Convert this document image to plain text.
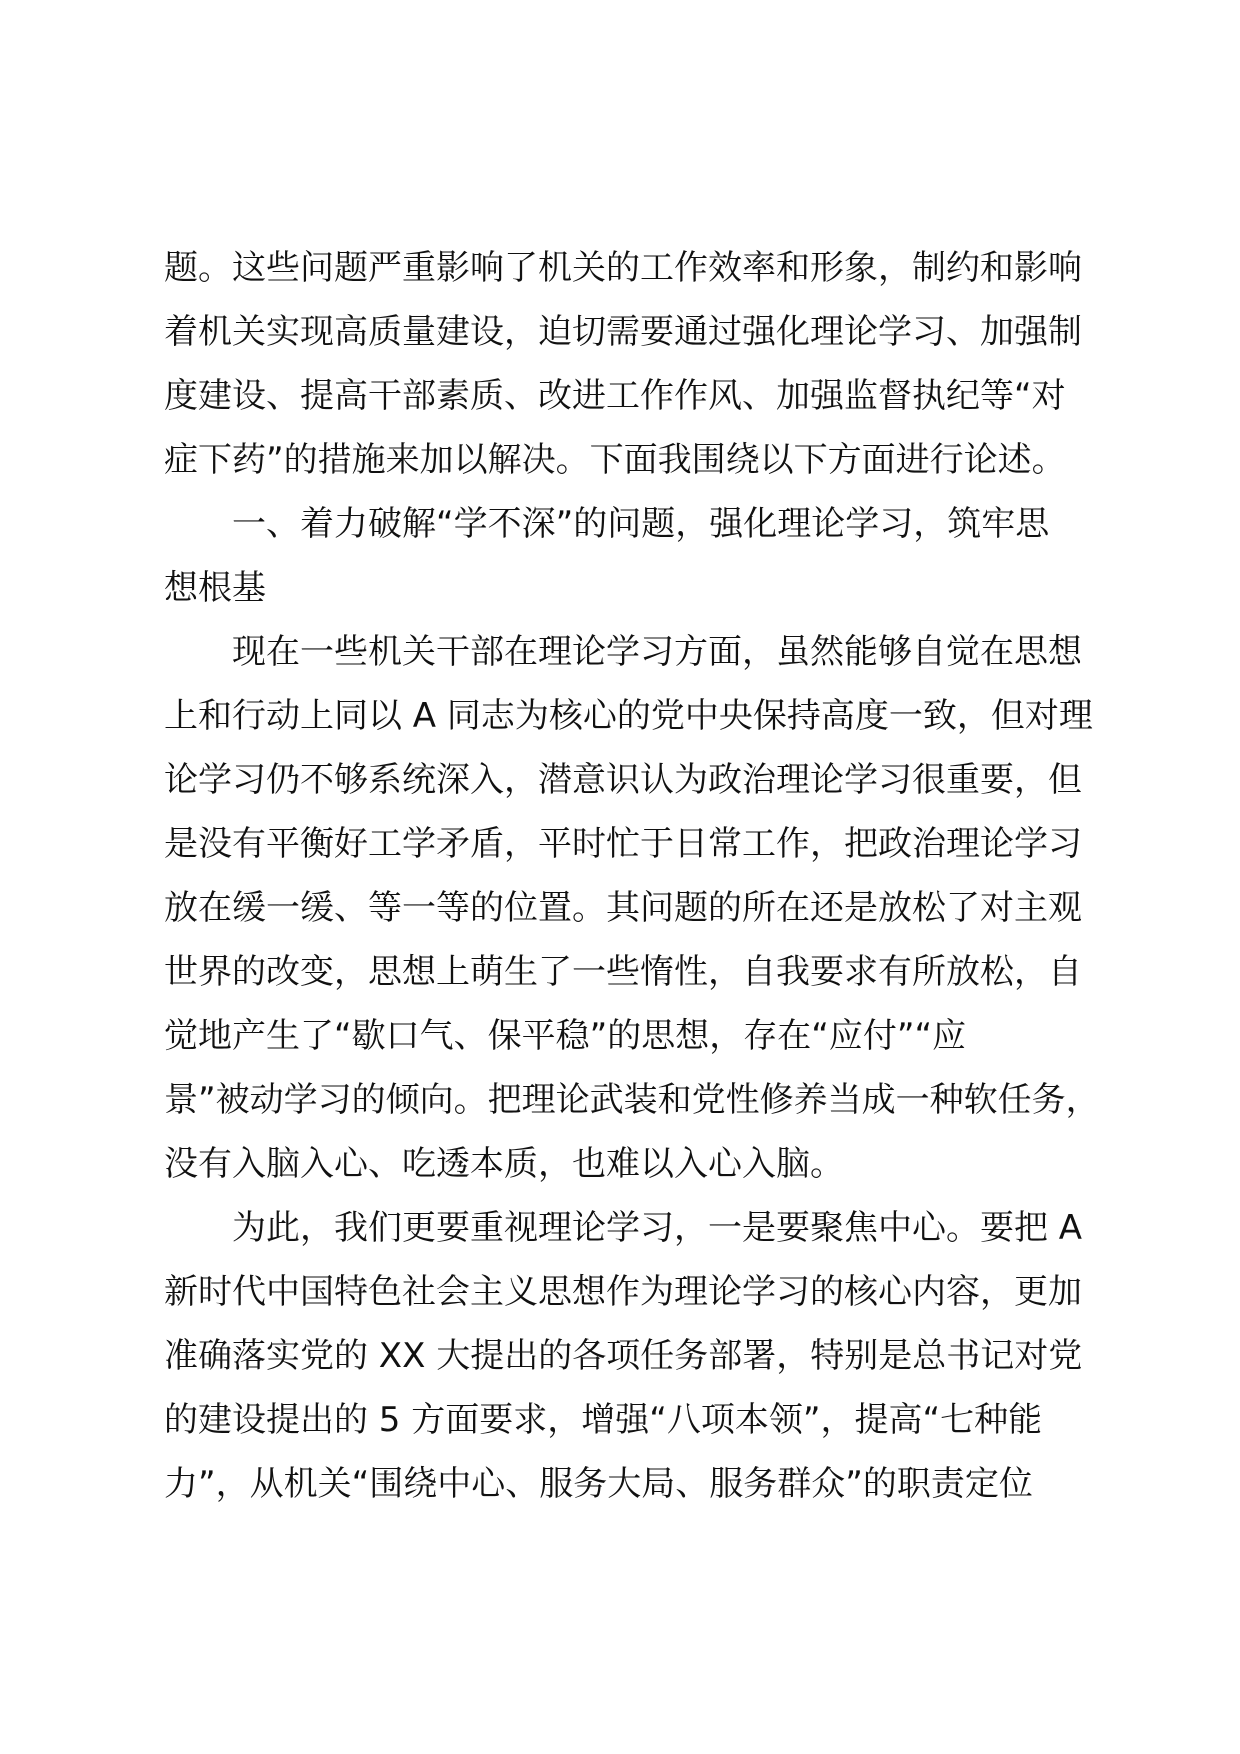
题。这些问题严重影响了机关的工作效率和形象，制约和影响
着机关实现高质量建设，迫切需要通过强化理论学习、加强制
度建设、提高干部素质、改进工作作风、加强监督执纪等“对
症下药”的措施来加以解决。下面我围绕以下方面进行论述。
一、着力破解“学不深”的问题，强化理论学习，筑牢思
想根基
现在一些机关干部在理论学习方面，虽然能够自觉在思想
上和行动上同以 A 同志为核心的党中央保持高度一致，但对理
论学习仍不够系统深入，潜意识认为政治理论学习很重要，但
是没有平衡好工学矛盾，平时忙于日常工作，把政治理论学习
放在缓一缓、等一等的位置。其问题的所在还是放松了对主观
世界的改变，思想上萌生了一些惰性，自我要求有所放松，自
觉地产生了“歇口气、保平稳”的思想，存在“应付”“应
景”被动学习的倾向。把理论武装和党性修养当成一种软任务，
没有入脑入心、吃透本质，也难以入心入脑。
为此，我们更要重视理论学习，一是要聚焦中心。要把 A
新时代中国特色社会主义思想作为理论学习的核心内容，更加
准确落实党的 XX 大提出的各项任务部署，特别是总书记对党
的建设提出的 5 方面要求，增强“八项本领”，提高“七种能
力”，从机关“围绕中心、服务大局、服务群众”的职责定位
